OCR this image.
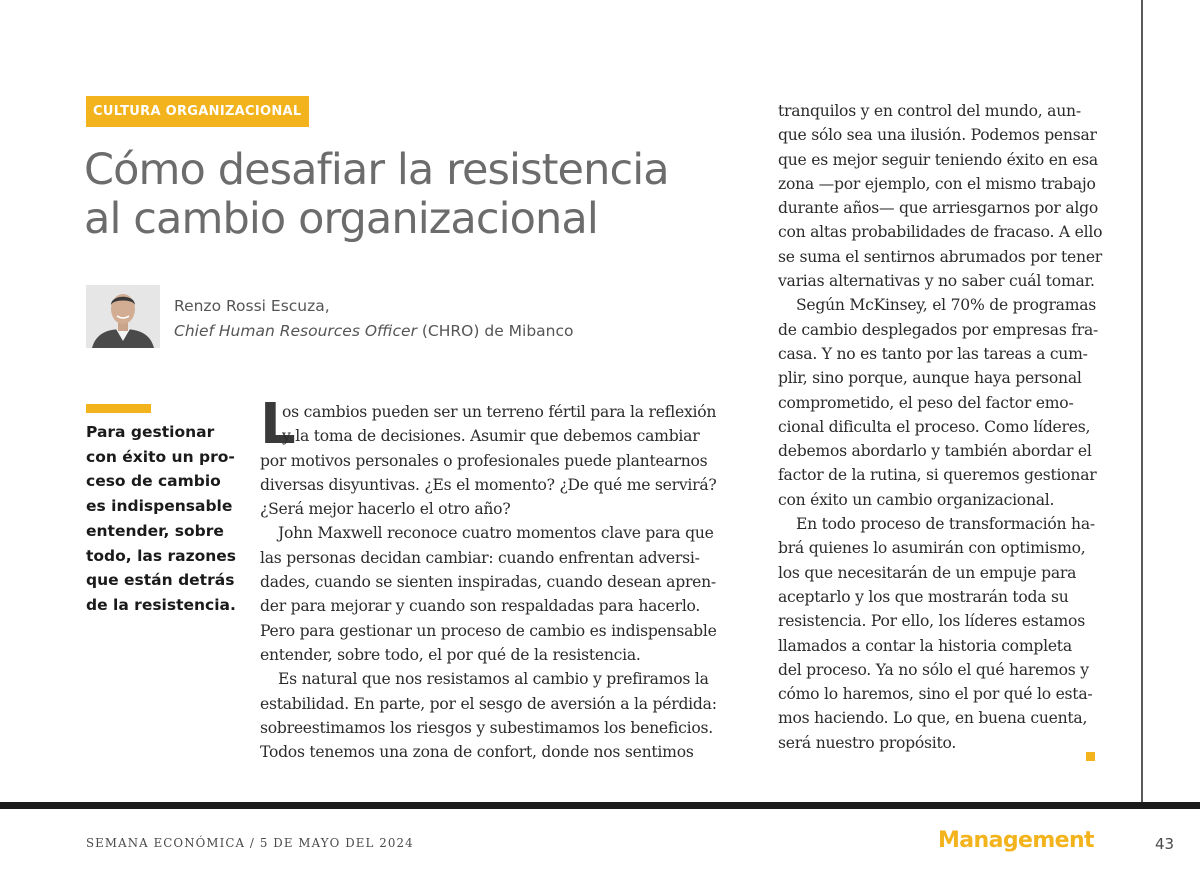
CULTURA ORGANIZACIONAL
Cómo desafiar la resistencia
al cambio organizacional
Renzo Rossi Escuza,
Chief Human Resources Officer (CHRO) de Mibanco
Para gestionar
con éxito un pro-
ceso de cambio
es indispensable
entender, sobre
todo, las razones
que están detrás
de la resistencia.
L
os cambios pueden ser un terreno fértil para la reflexión
y la toma de decisiones. Asumir que debemos cambiar
por motivos personales o profesionales puede plantearnos
diversas disyuntivas. ¿Es el momento? ¿De qué me servirá?
¿Será mejor hacerlo el otro año?
John Maxwell reconoce cuatro momentos clave para que
las personas decidan cambiar: cuando enfrentan adversi-
dades, cuando se sienten inspiradas, cuando desean apren-
der para mejorar y cuando son respaldadas para hacerlo.
Pero para gestionar un proceso de cambio es indispensable
entender, sobre todo, el por qué de la resistencia.
Es natural que nos resistamos al cambio y prefiramos la
estabilidad. En parte, por el sesgo de aversión a la pérdida:
sobreestimamos los riesgos y subestimamos los beneficios.
Todos tenemos una zona de confort, donde nos sentimos
tranquilos y en control del mundo, aun-
que sólo sea una ilusión. Podemos pensar
que es mejor seguir teniendo éxito en esa
zona —por ejemplo, con el mismo trabajo
durante años— que arriesgarnos por algo
con altas probabilidades de fracaso. A ello
se suma el sentirnos abrumados por tener
varias alternativas y no saber cuál tomar.
Según McKinsey, el 70% de programas
de cambio desplegados por empresas fra-
casa. Y no es tanto por las tareas a cum-
plir, sino porque, aunque haya personal
comprometido, el peso del factor emo-
cional dificulta el proceso. Como líderes,
debemos abordarlo y también abordar el
factor de la rutina, si queremos gestionar
con éxito un cambio organizacional.
En todo proceso de transformación ha-
brá quienes lo asumirán con optimismo,
los que necesitarán de un empuje para
aceptarlo y los que mostrarán toda su
resistencia. Por ello, los líderes estamos
llamados a contar la historia completa
del proceso. Ya no sólo el qué haremos y
cómo lo haremos, sino el por qué lo esta-
mos haciendo. Lo que, en buena cuenta,
será nuestro propósito.
SEMANA ECONÓMICA / 5 DE MAYO DEL 2024	Management	43
